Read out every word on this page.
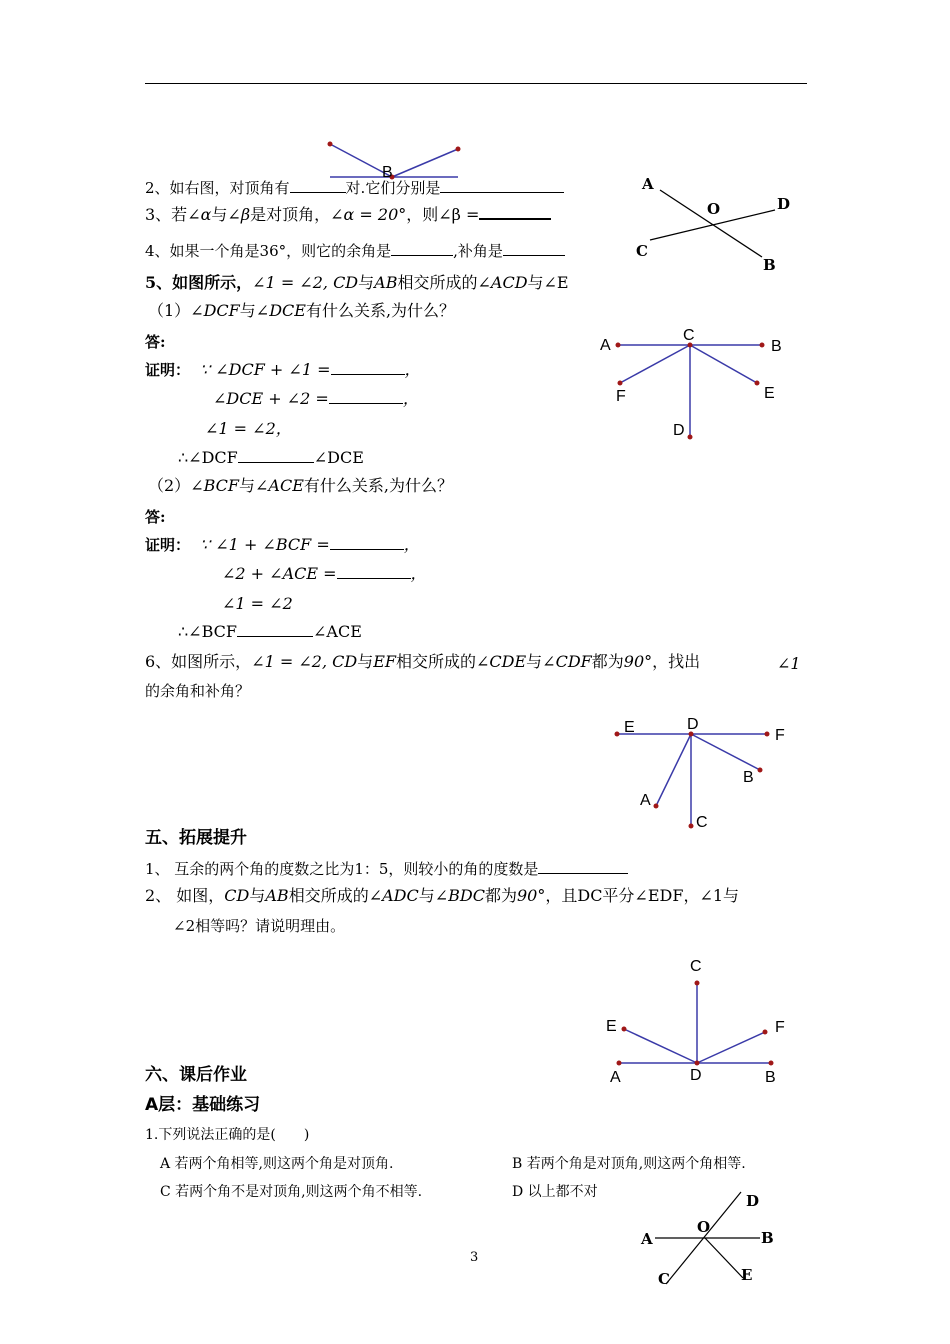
B
2、如右图，对顶角有	对.它们分别是
3、若∠α与∠β是对顶角，∠α = 20°，则∠β =
4、如果一个角是36°，则它的余角是	,补角是
A
O	D
C
B
5、如图所示，∠1 = ∠2, CD与AB相交所成的∠ACD与∠E
（1）∠DCF与∠DCE有什么关系,为什么？
答:
证明： ∵ ∠DCF + ∠1 =	，
∠DCE + ∠2 =	，
∠1 = ∠2，
∴∠DCF	∠DCE
A
C
B
F	E
D
（2）∠BCF与∠ACE有什么关系,为什么？
答:
证明： ∵ ∠1 + ∠BCF =	，
∠2 + ∠ACE =	，
∠1 = ∠2
∴∠BCF	∠ACE
6、如图所示，∠1 = ∠2, CD与EF相交所成的∠CDE与∠CDF都为90°，找出	∠1
的余角和补角？
E	D
F
B
A
C
五、拓展提升
1、 互余的两个角的度数之比为1：5，则较小的角的度数是
2、 如图，CD与AB相交所成的∠ADC与∠BDC都为90°，且DC平分∠EDF，∠1与
∠2相等吗？请说明理由。
C
E	F
A	D	B
六、课后作业
A层：基础练习
1.下列说法正确的是(　　)
A 若两个角相等,则这两个角是对顶角.	B 若两个角是对顶角,则这两个角相等.
C 若两个角不是对顶角,则这两个角不相等.	D 以上都不对	D
O
A	B
C	E
3
